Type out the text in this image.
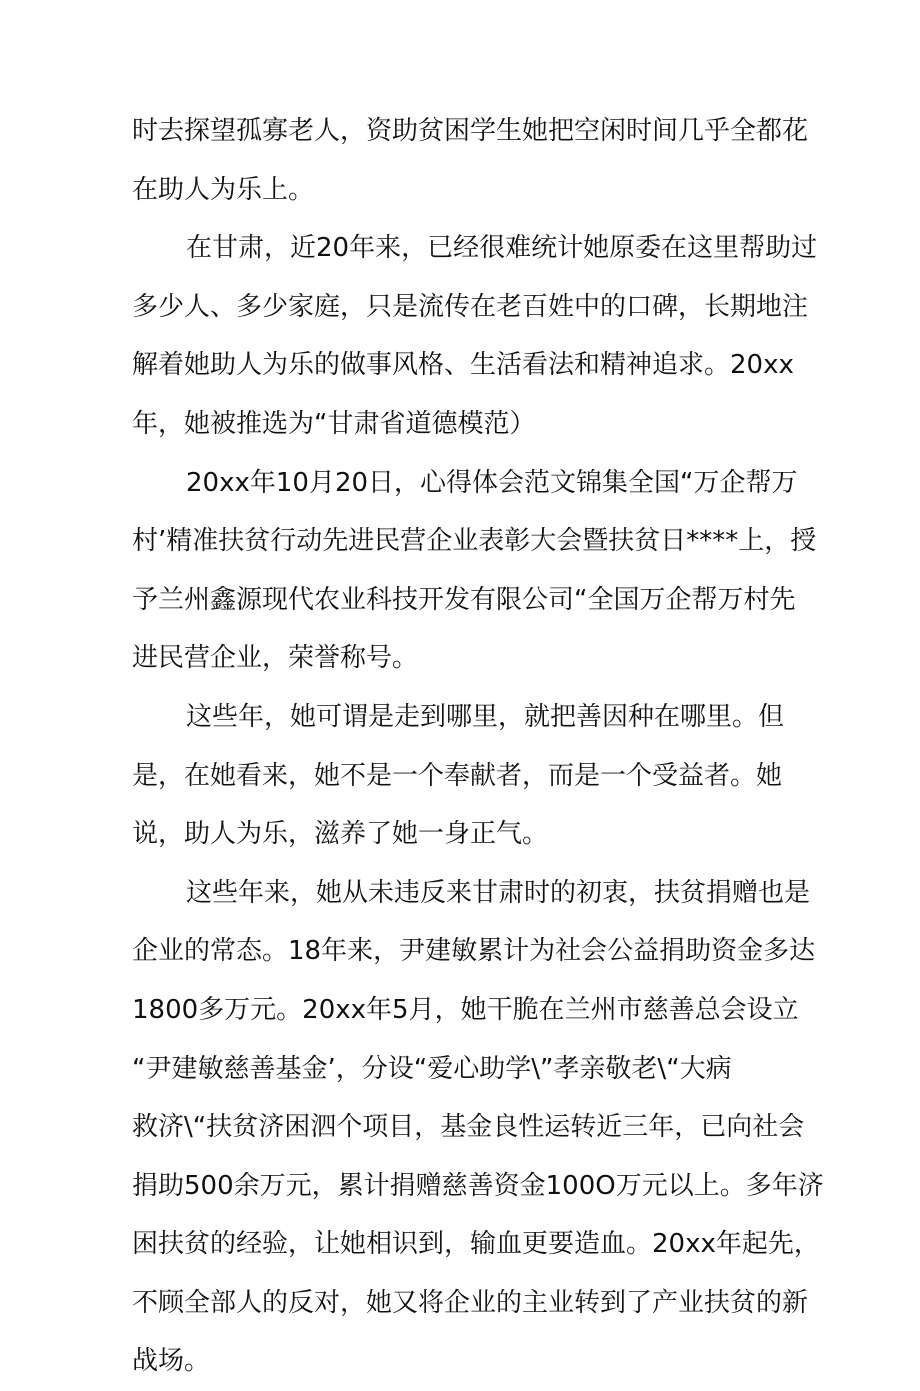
时去探望孤寡老人，资助贫困学生她把空闲时间几乎全都花
在助人为乐上。
在甘肃，近20年来，已经很难统计她原委在这里帮助过
多少人、多少家庭，只是流传在老百姓中的口碑，长期地注
解着她助人为乐的做事风格、生活看法和精神追求。20xx
年，她被推选为“甘肃省道德模范）
20xx年10月20日，心得体会范文锦集全国“万企帮万
村’精准扶贫行动先进民营企业表彰大会暨扶贫日****上，授
予兰州鑫源现代农业科技开发有限公司“全国万企帮万村先
进民营企业，荣誉称号。
这些年，她可谓是走到哪里，就把善因种在哪里。但
是，在她看来，她不是一个奉献者，而是一个受益者。她
说，助人为乐，滋养了她一身正气。
这些年来，她从未违反来甘肃时的初衷，扶贫捐赠也是
企业的常态。18年来，尹建敏累计为社会公益捐助资金多达
1800多万元。20xx年5月，她干脆在兰州市慈善总会设立
“尹建敏慈善基金’，分设“爱心助学\”孝亲敬老\“大病
救济\“扶贫济困泗个项目，基金良性运转近三年，已向社会
捐助500余万元，累计捐赠慈善资金100O万元以上。多年济
困扶贫的经验，让她相识到，输血更要造血。20xx年起先，
不顾全部人的反对，她又将企业的主业转到了产业扶贫的新
战场。
